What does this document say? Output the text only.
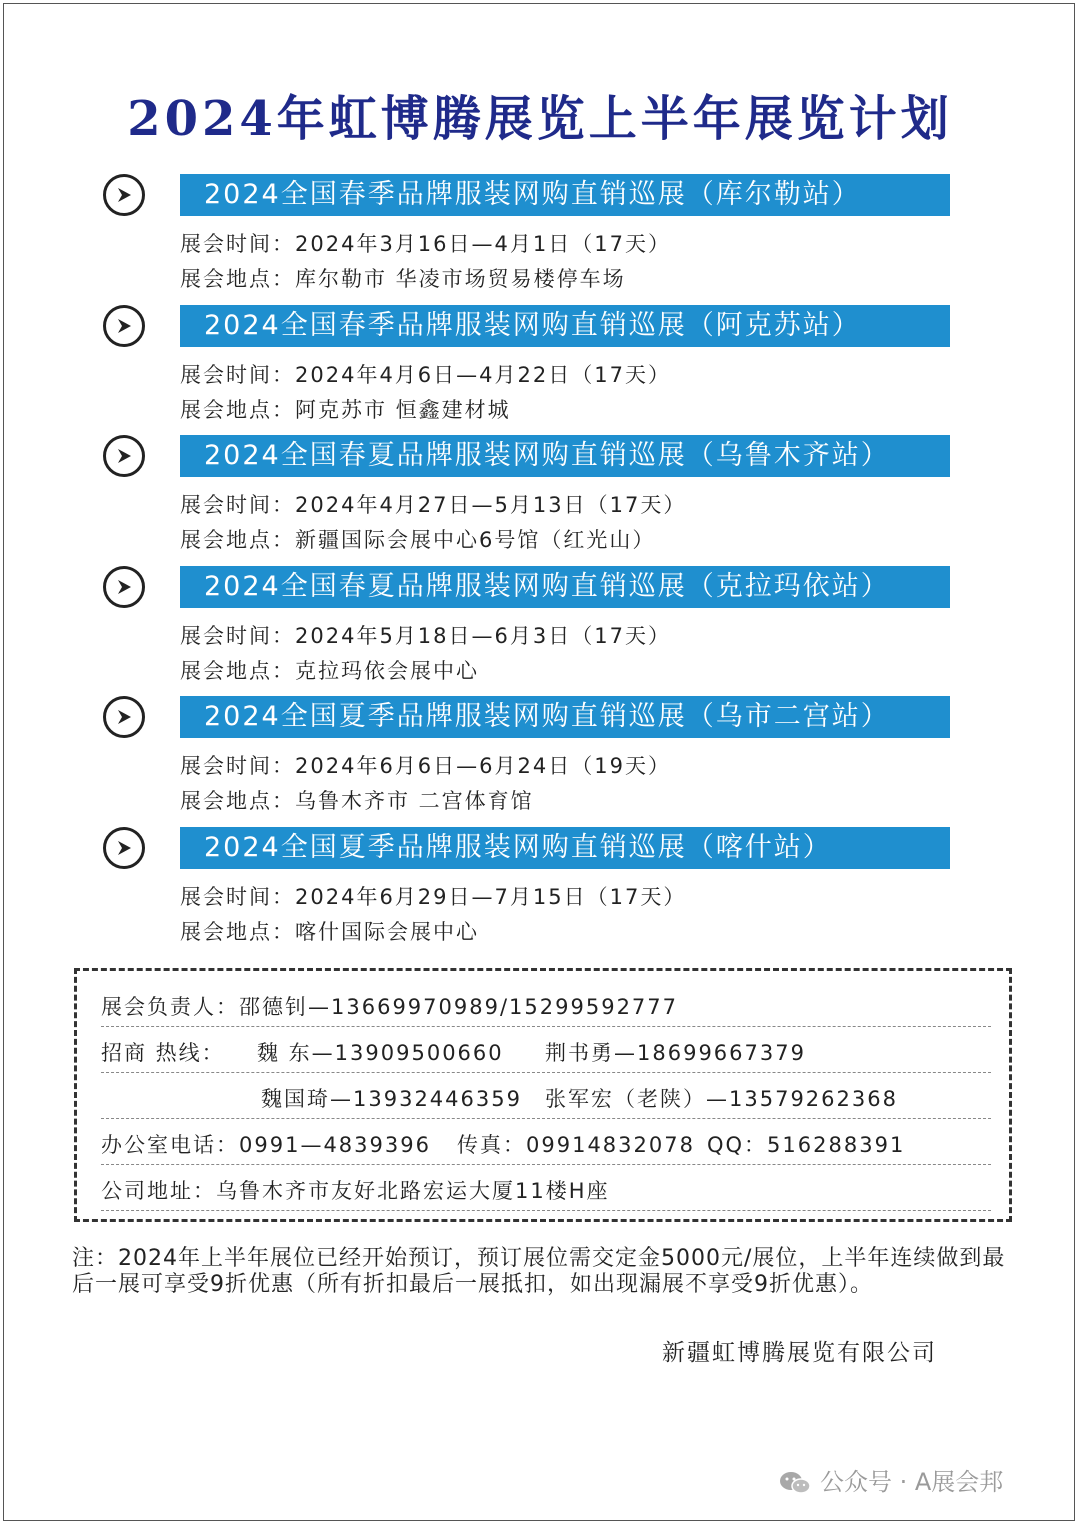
2024年虹博腾展览上半年展览计划
2024全国春季品牌服装网购直销巡展（库尔勒站）
展会时间：2024年3月16日—4月1日（17天）
展会地点：库尔勒市 华凌市场贸易楼停车场
2024全国春季品牌服装网购直销巡展（阿克苏站）
展会时间：2024年4月6日—4月22日（17天）
展会地点：阿克苏市 恒鑫建材城
2024全国春夏品牌服装网购直销巡展（乌鲁木齐站）
展会时间：2024年4月27日—5月13日（17天）
展会地点：新疆国际会展中心6号馆（红光山）
2024全国春夏品牌服装网购直销巡展（克拉玛依站）
展会时间：2024年5月18日—6月3日（17天）
展会地点：克拉玛依会展中心
2024全国夏季品牌服装网购直销巡展（乌市二宫站）
展会时间：2024年6月6日—6月24日（19天）
展会地点：乌鲁木齐市 二宫体育馆
2024全国夏季品牌服装网购直销巡展（喀什站）
展会时间：2024年6月29日—7月15日（17天）
展会地点：喀什国际会展中心
展会负责人：邵德钊—13669970989/15299592777
招商 热线： 魏 东—13909500660 荆书勇—18699667379
魏国琦—13932446359 张军宏（老陕）—13579262368
办公室电话：0991—4839396 传真：09914832078 QQ：516288391
公司地址：乌鲁木齐市友好北路宏运大厦11楼H座
注：2024年上半年展位已经开始预订，预订展位需交定金5000元/展位，上半年连续做到最后一展可享受9折优惠（所有折扣最后一展抵扣，如出现漏展不享受9折优惠）。
新疆虹博腾展览有限公司
公众号 · A展会邦
